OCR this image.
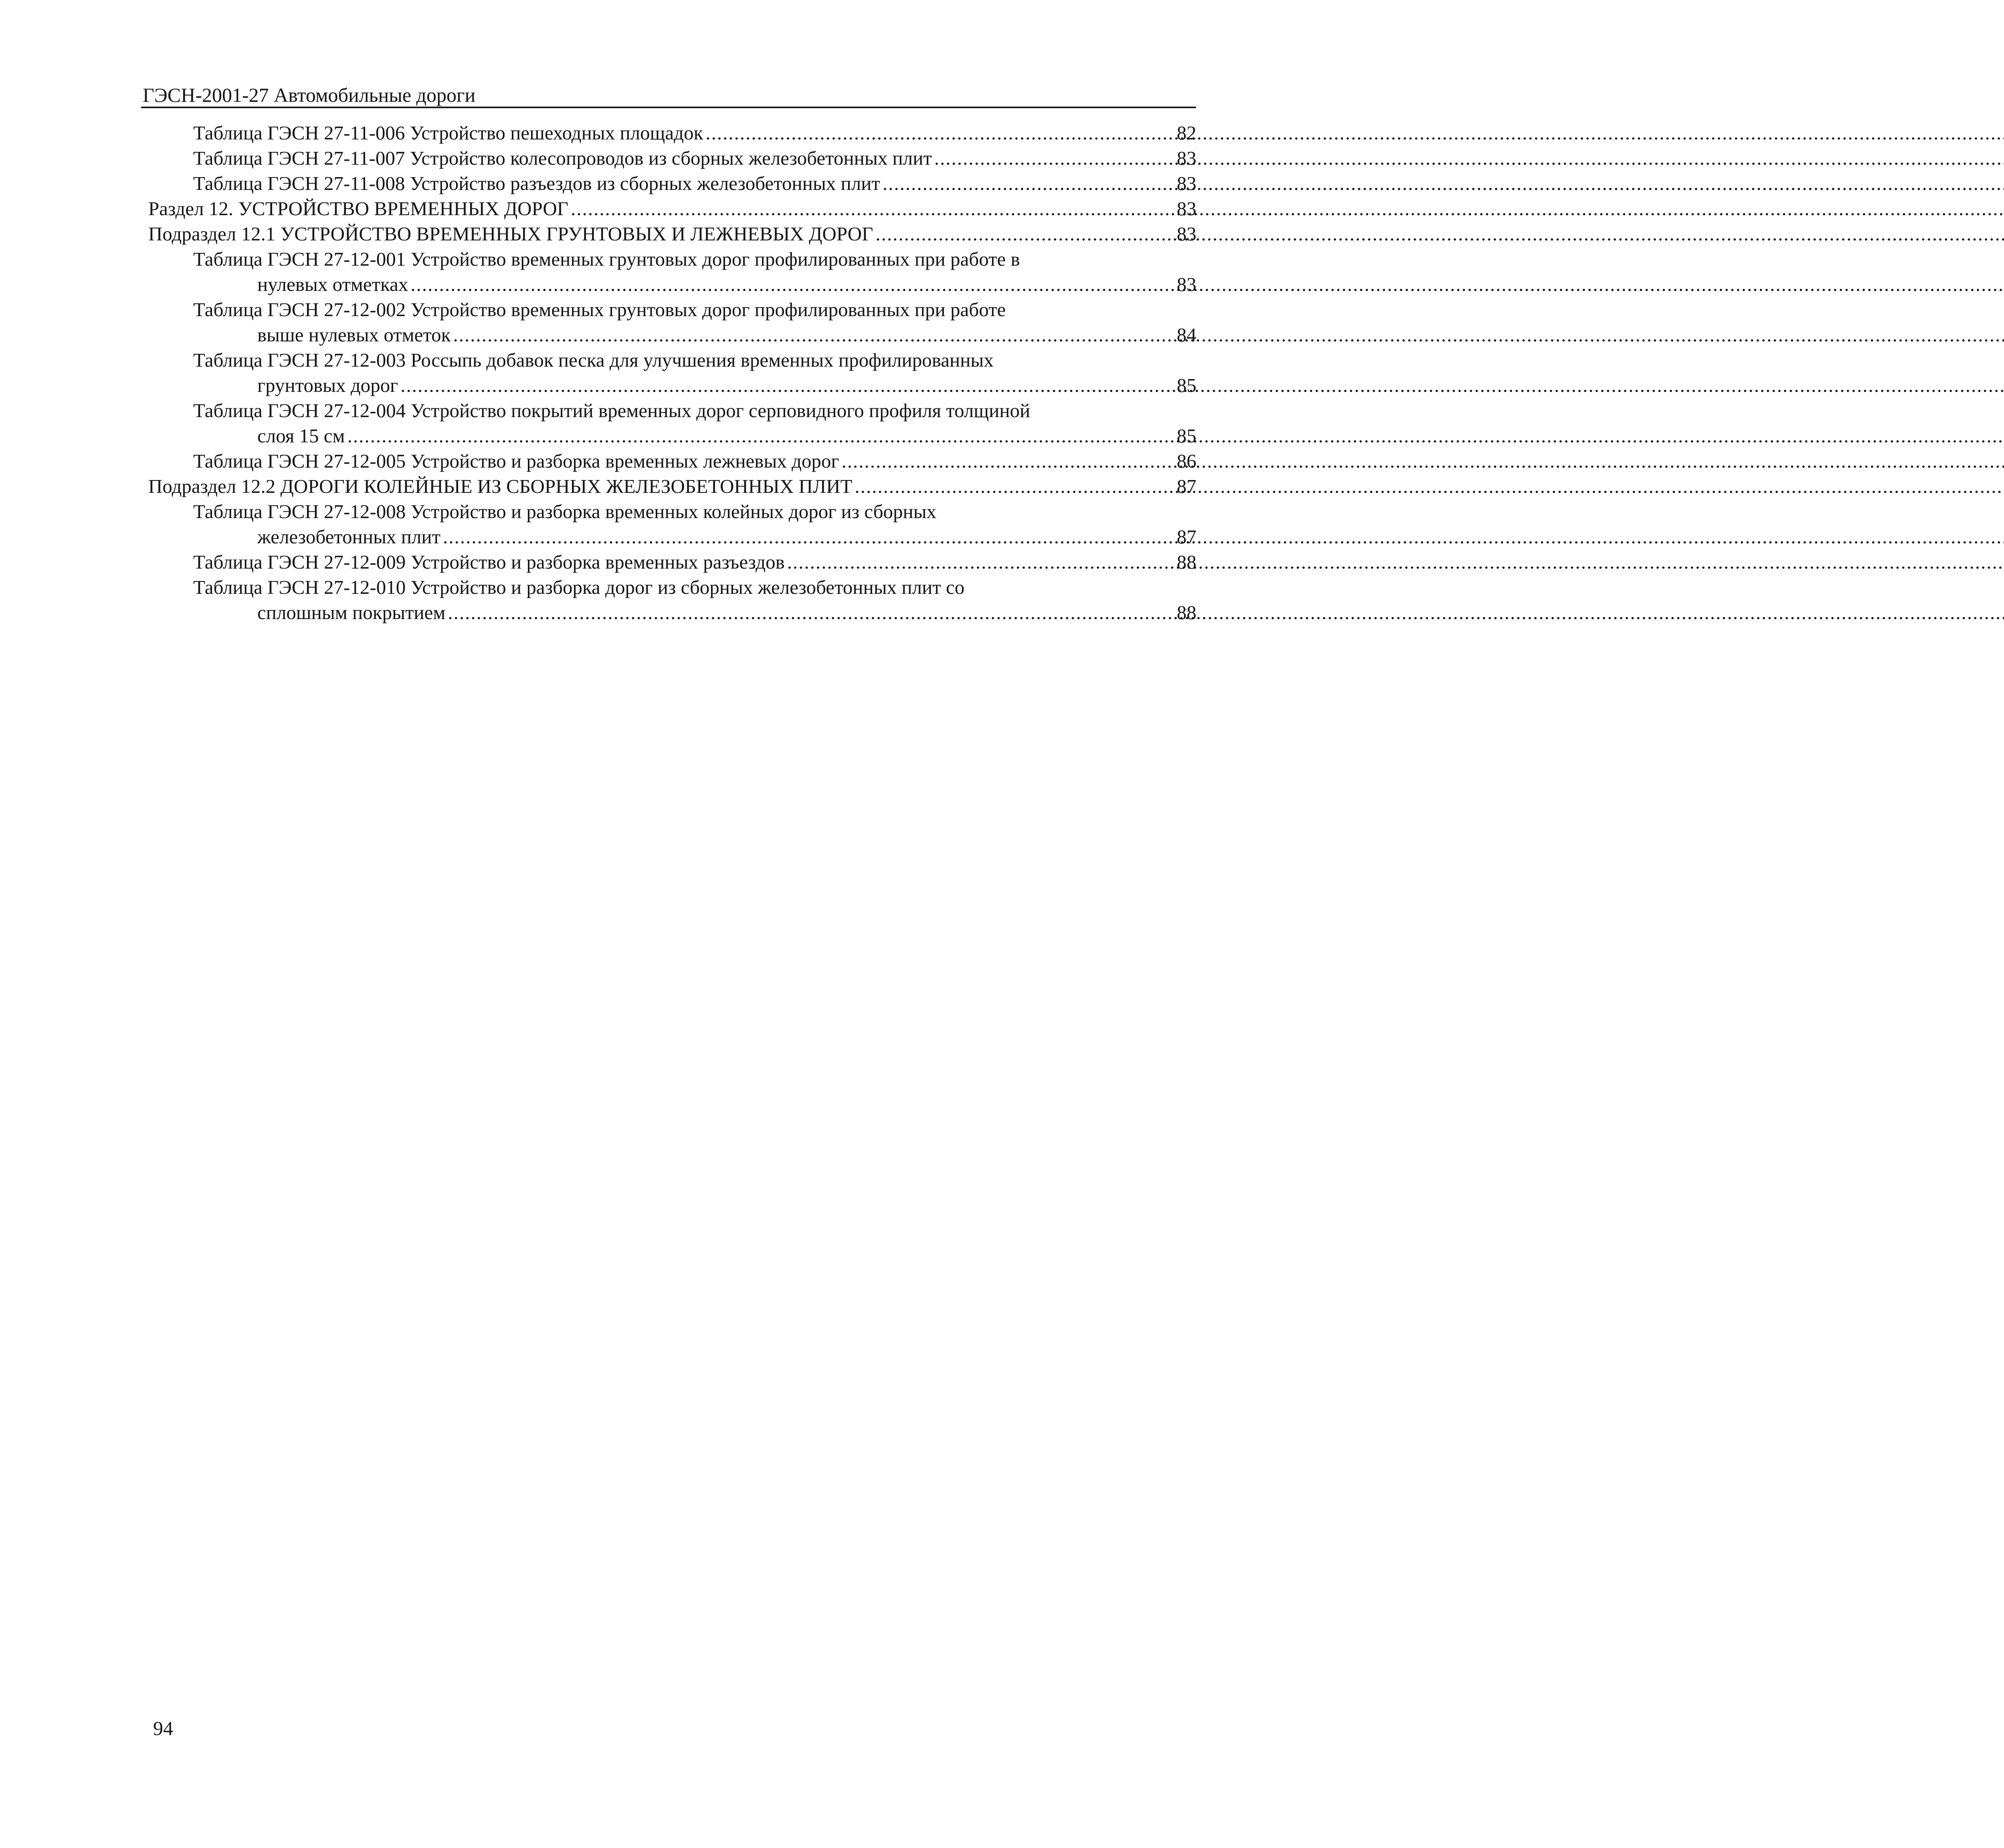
ГЭСН-2001-27 Автомобильные дороги
Таблица ГЭСН 27-11-006 Устройство пешеходных площадок .....	82
Таблица ГЭСН 27-11-007 Устройство колесопроводов из сборных железобетонных плит .....	83
Таблица ГЭСН 27-11-008 Устройство разъездов из сборных железобетонных плит .....	83
Раздел 12. УСТРОЙСТВО ВРЕМЕННЫХ ДОРОГ .....	83
Подраздел 12.1 УСТРОЙСТВО ВРЕМЕННЫХ ГРУНТОВЫХ И ЛЕЖНЕВЫХ ДОРОГ .....	83
Таблица ГЭСН 27-12-001 Устройство временных грунтовых дорог профилированных при работе в
нулевых отметках .....	83
Таблица ГЭСН 27-12-002 Устройство временных грунтовых дорог профилированных при работе
выше нулевых отметок .....	84
Таблица ГЭСН 27-12-003 Россыпь добавок песка для улучшения временных профилированных
грунтовых дорог .....	85
Таблица ГЭСН 27-12-004 Устройство покрытий временных дорог серповидного профиля толщиной
слоя 15 см .....	85
Таблица ГЭСН 27-12-005 Устройство и разборка временных лежневых дорог .....	86
Подраздел 12.2 ДОРОГИ КОЛЕЙНЫЕ ИЗ СБОРНЫХ ЖЕЛЕЗОБЕТОННЫХ ПЛИТ .....	87
Таблица ГЭСН 27-12-008 Устройство и разборка временных колейных дорог из сборных
железобетонных плит .....	87
Таблица ГЭСН 27-12-009 Устройство и разборка временных разъездов .....	88
Таблица ГЭСН 27-12-010 Устройство и разборка дорог из сборных железобетонных плит со
сплошным покрытием .....	88
94
